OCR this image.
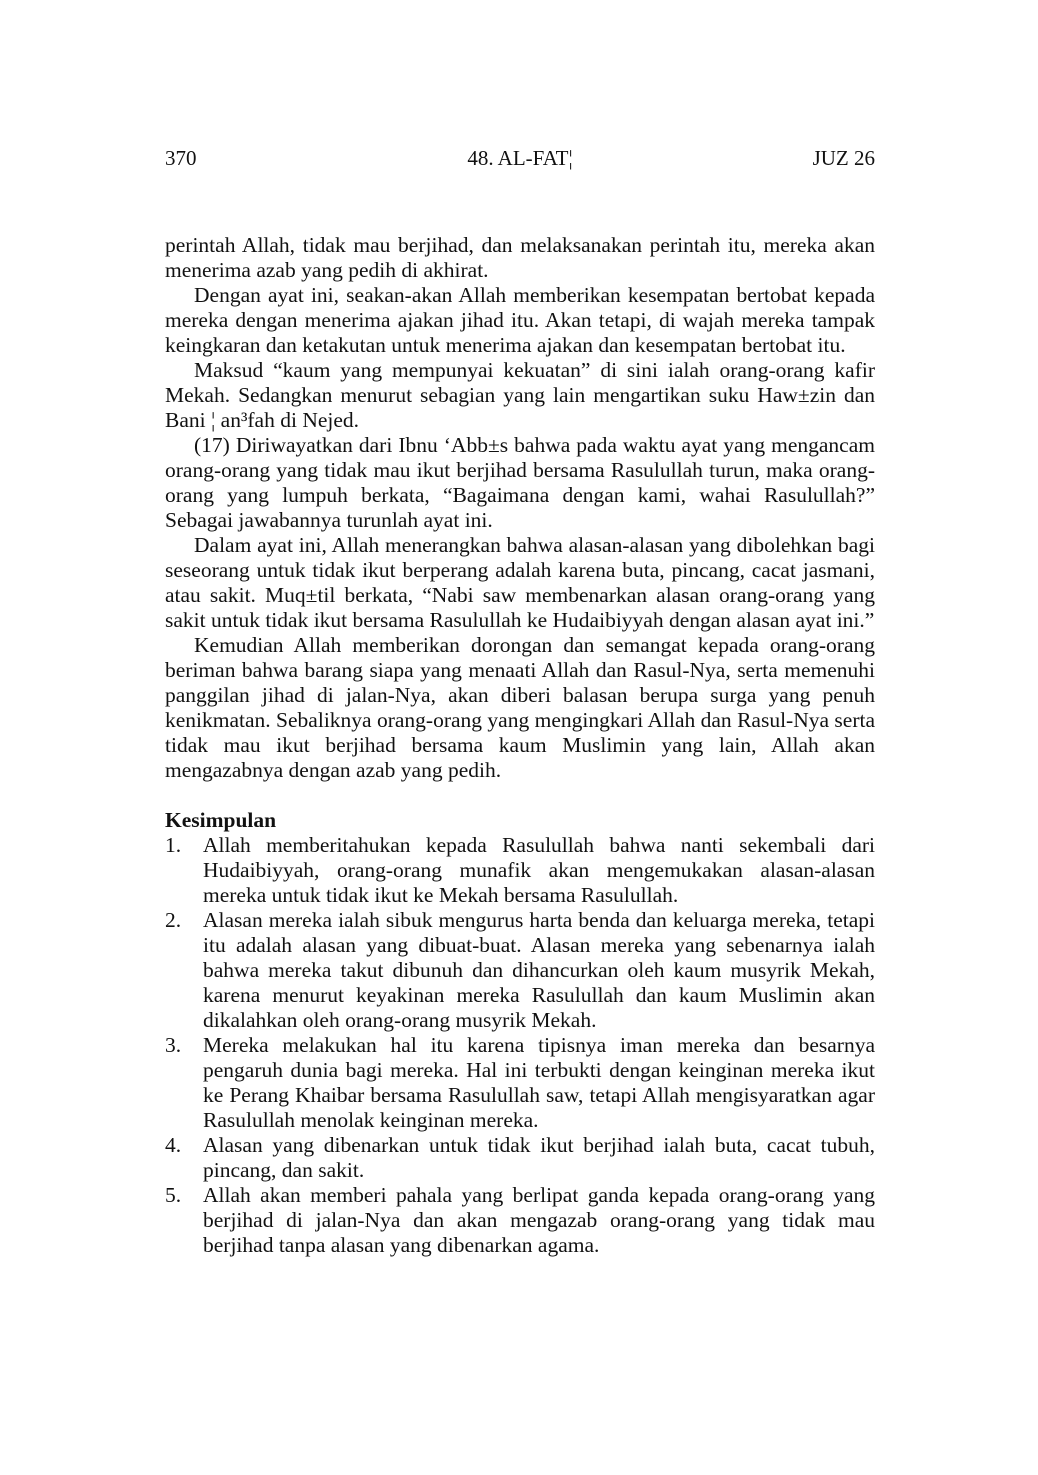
370	48. AL-FAT¦	JUZ 26

perintah Allah, tidak mau berjihad, dan melaksanakan perintah itu, mereka akan menerima azab yang pedih di akhirat.

Dengan ayat ini, seakan-akan Allah memberikan kesempatan bertobat kepada mereka dengan menerima ajakan jihad itu. Akan tetapi, di wajah mereka tampak keingkaran dan ketakutan untuk menerima ajakan dan kesempatan bertobat itu.

Maksud “kaum yang mempunyai kekuatan” di sini ialah orang-orang kafir Mekah. Sedangkan menurut sebagian yang lain mengartikan suku Haw±zin dan Bani ¦ an³fah di Nejed.

(17) Diriwayatkan dari Ibnu ‘Abb±s bahwa pada waktu ayat yang mengancam orang-orang yang tidak mau ikut berjihad bersama Rasulullah turun, maka orang-orang yang lumpuh berkata, “Bagaimana dengan kami, wahai Rasulullah?” Sebagai jawabannya turunlah ayat ini.

Dalam ayat ini, Allah menerangkan bahwa alasan-alasan yang dibolehkan bagi seseorang untuk tidak ikut berperang adalah karena buta, pincang, cacat jasmani, atau sakit. Muq±til berkata, “Nabi saw membenarkan alasan orang-orang yang sakit untuk tidak ikut bersama Rasulullah ke Hudaibiyyah dengan alasan ayat ini.”

Kemudian Allah memberikan dorongan dan semangat kepada orang-orang beriman bahwa barang siapa yang menaati Allah dan Rasul-Nya, serta memenuhi panggilan jihad di jalan-Nya, akan diberi balasan berupa surga yang penuh kenikmatan. Sebaliknya orang-orang yang mengingkari Allah dan Rasul-Nya serta tidak mau ikut berjihad bersama kaum Muslimin yang lain, Allah akan mengazabnya dengan azab yang pedih.

Kesimpulan
1. Allah memberitahukan kepada Rasulullah bahwa nanti sekembali dari Hudaibiyyah, orang-orang munafik akan mengemukakan alasan-alasan mereka untuk tidak ikut ke Mekah bersama Rasulullah.
2. Alasan mereka ialah sibuk mengurus harta benda dan keluarga mereka, tetapi itu adalah alasan yang dibuat-buat. Alasan mereka yang sebenarnya ialah bahwa mereka takut dibunuh dan dihancurkan oleh kaum musyrik Mekah, karena menurut keyakinan mereka Rasulullah dan kaum Muslimin akan dikalahkan oleh orang-orang musyrik Mekah.
3. Mereka melakukan hal itu karena tipisnya iman mereka dan besarnya pengaruh dunia bagi mereka. Hal ini terbukti dengan keinginan mereka ikut ke Perang Khaibar bersama Rasulullah saw, tetapi Allah mengisyaratkan agar Rasulullah menolak keinginan mereka.
4. Alasan yang dibenarkan untuk tidak ikut berjihad ialah buta, cacat tubuh, pincang, dan sakit.
5. Allah akan memberi pahala yang berlipat ganda kepada orang-orang yang berjihad di jalan-Nya dan akan mengazab orang-orang yang tidak mau berjihad tanpa alasan yang dibenarkan agama.
